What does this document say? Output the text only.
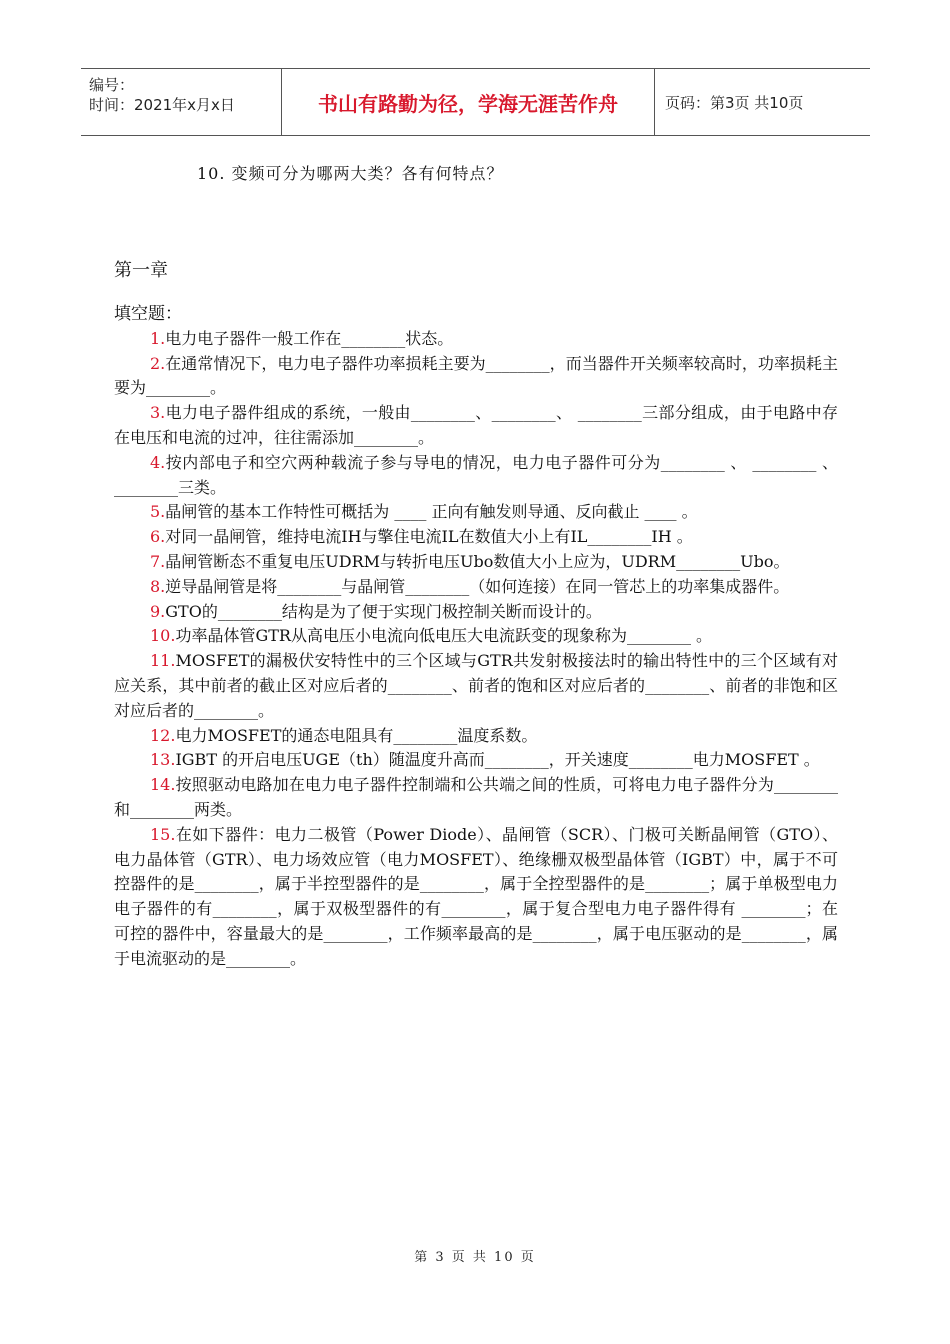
编号：
时间：2021年x月x日	书山有路勤为径，学海无涯苦作舟	页码：第3页 共10页
10. 变频可分为哪两大类？各有何特点？
第一章

填空题：

1.电力电子器件一般工作在________状态。

2.在通常情况下，电力电子器件功率损耗主要为________，而当器件开关频率较高时，功率损耗主要为________。

3.电力电子器件组成的系统，一般由________、________、 ________三部分组成，由于电路中存在电压和电流的过冲，往往需添加________。

4.按内部电子和空穴两种载流子参与导电的情况，电力电子器件可分为________ 、 ________ 、________三类。

5.晶闸管的基本工作特性可概括为 ____ 正向有触发则导通、反向截止 ____ 。

6.对同一晶闸管，维持电流IH与擎住电流IL在数值大小上有IL________IH 。

7.晶闸管断态不重复电压UDRM与转折电压Ubo数值大小上应为，UDRM________Ubo。

8.逆导晶闸管是将________与晶闸管________（如何连接）在同一管芯上的功率集成器件。

9.GTO的________结构是为了便于实现门极控制关断而设计的。

10.功率晶体管GTR从高电压小电流向低电压大电流跃变的现象称为________ 。

11.MOSFET的漏极伏安特性中的三个区域与GTR共发射极接法时的输出特性中的三个区域有对应关系，其中前者的截止区对应后者的________、前者的饱和区对应后者的________、前者的非饱和区对应后者的________。

12.电力MOSFET的通态电阻具有________温度系数。

13.IGBT 的开启电压UGE（th）随温度升高而________，开关速度________电力MOSFET 。

14.按照驱动电路加在电力电子器件控制端和公共端之间的性质，可将电力电子器件分为________和________两类。

15.在如下器件：电力二极管（Power Diode）、晶闸管（SCR）、门极可关断晶闸管（GTO）、电力晶体管（GTR）、电力场效应管（电力MOSFET）、绝缘栅双极型晶体管（IGBT）中，属于不可控器件的是________，属于半控型器件的是________，属于全控型器件的是________；属于单极型电力电子器件的有________，属于双极型器件的有________，属于复合型电力电子器件得有 ________；在可控的器件中，容量最大的是________，工作频率最高的是________，属于电压驱动的是________，属于电流驱动的是________。

第 3 页 共 10 页
